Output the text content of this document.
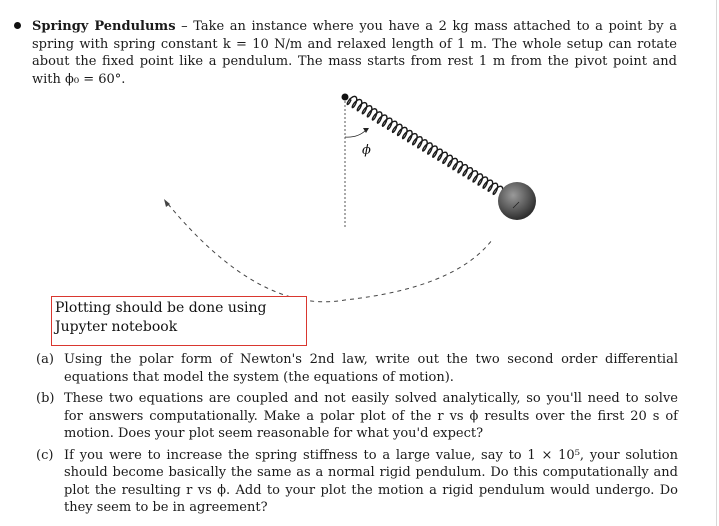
Springy Pendulums – Take an instance where you have a 2 kg mass attached to a point by a spring with spring constant k = 10 N/m and relaxed length of 1 m. The whole setup can rotate about the fixed point like a pendulum. The mass starts from rest 1 m from the pivot point and with ϕ₀ = 60°.
ϕ
(a) Using the polar form of Newton's 2nd law, write out the two second order differential equations that model the system (the equations of motion).
(b) These two equations are coupled and not easily solved analytically, so you'll need to solve for answers computationally. Make a polar plot of the r vs ϕ results over the first 20 s of motion. Does your plot seem reasonable for what you'd expect?
(c) If you were to increase the spring stiffness to a large value, say to 1 × 10⁵, your solution should become basically the same as a normal rigid pendulum. Do this computationally and plot the resulting r vs ϕ. Add to your plot the motion a rigid pendulum would undergo. Do they seem to be in agreement?
Plotting should be done using Jupyter notebook
